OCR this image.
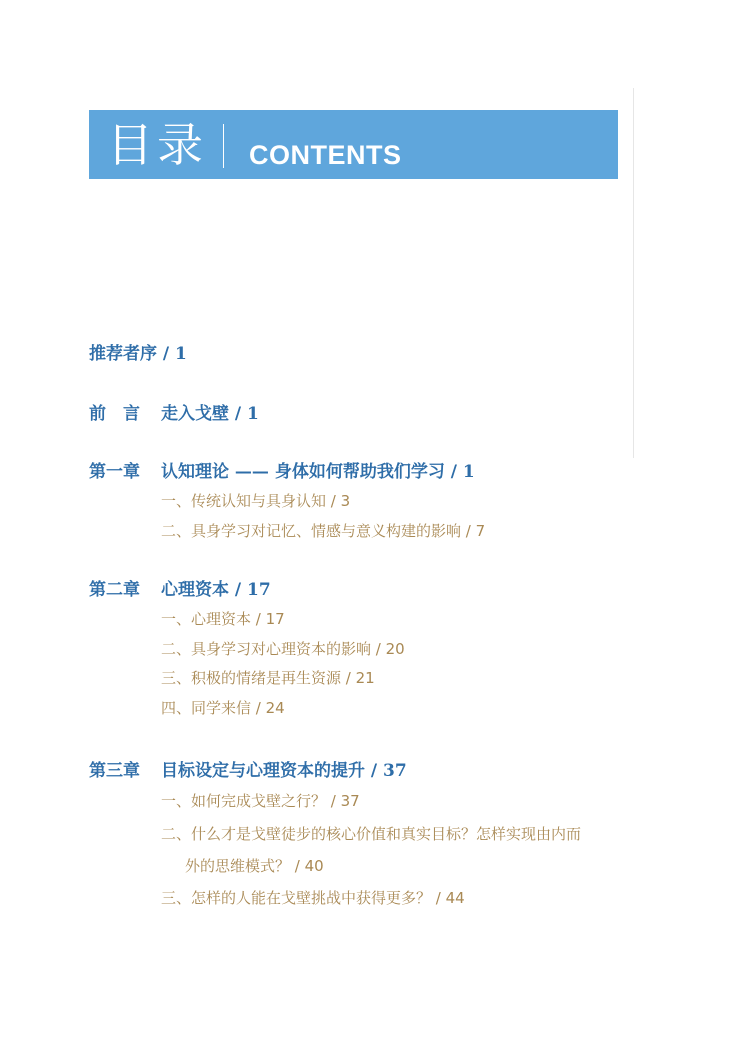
目录 CONTENTS
推荐者序 / 1
前　言 走入戈壁 / 1
第一章 认知理论 —— 身体如何帮助我们学习 / 1
一、传统认知与具身认知 / 3
二、具身学习对记忆、情感与意义构建的影响 / 7
第二章 心理资本 / 17
一、心理资本 / 17
二、具身学习对心理资本的影响 / 20
三、积极的情绪是再生资源 / 21
四、同学来信 / 24
第三章 目标设定与心理资本的提升 / 37
一、如何完成戈壁之行？ / 37
二、什么才是戈壁徒步的核心价值和真实目标？怎样实现由内而
外的思维模式？ / 40
三、怎样的人能在戈壁挑战中获得更多？ / 44
